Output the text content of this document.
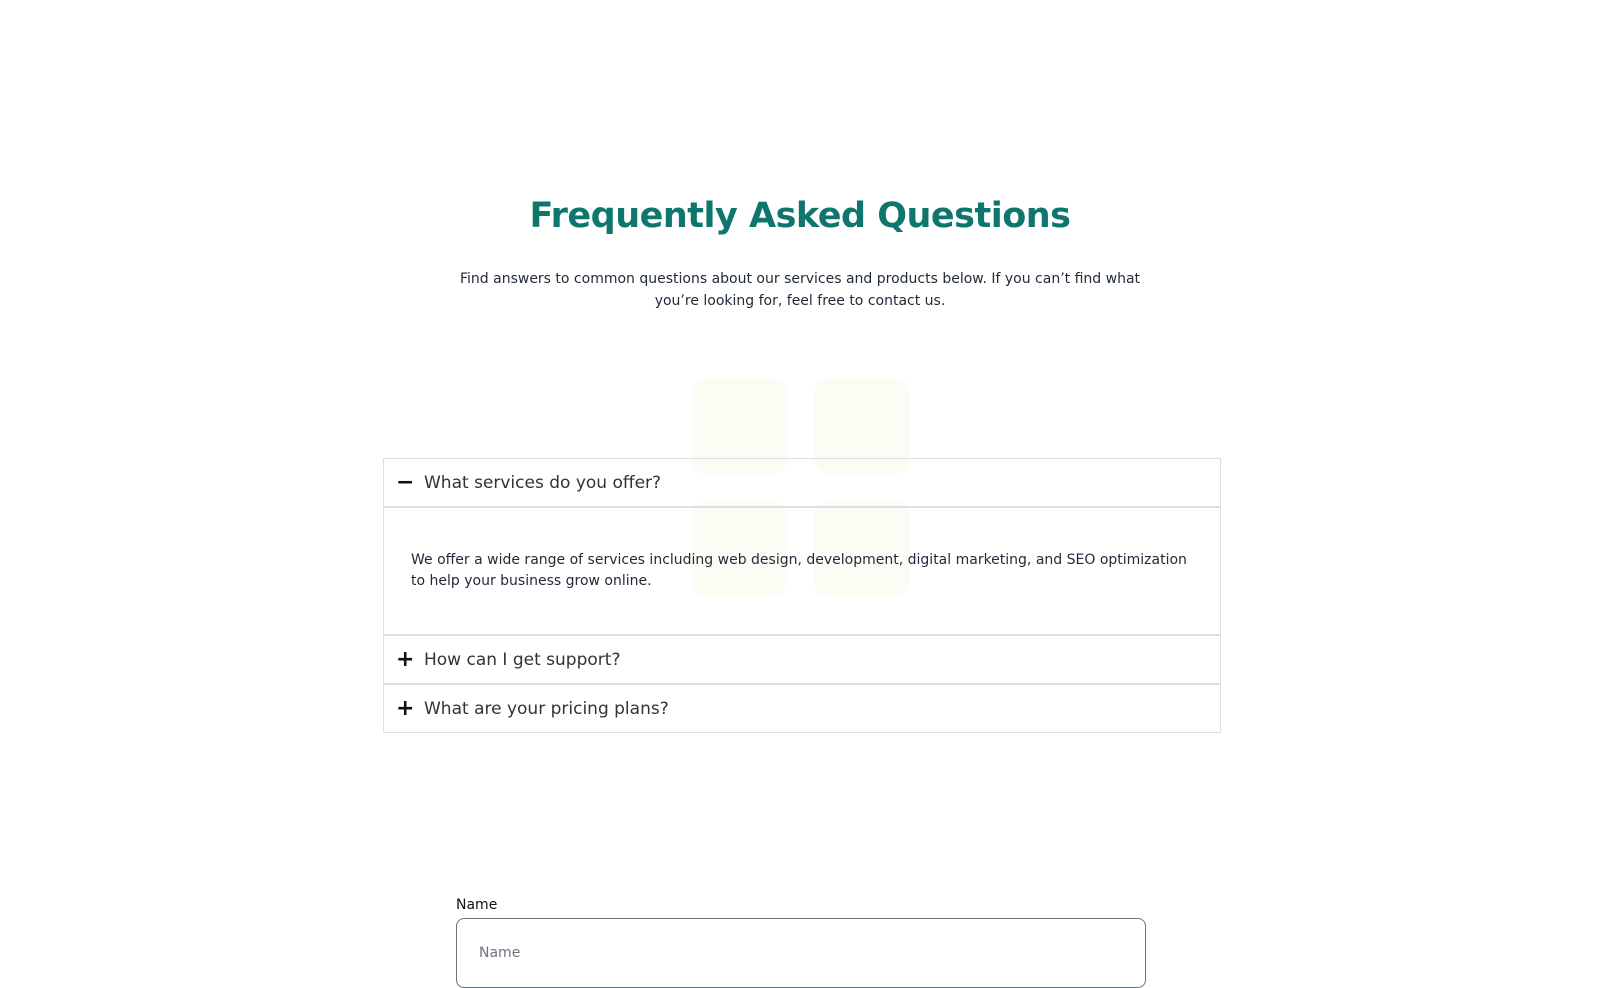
Frequently Asked Questions

Find answers to common questions about our services and products below. If you can’t find what you’re looking for, feel free to contact us.

− What services do you offer?
We offer a wide range of services including web design, development, digital marketing, and SEO optimization to help your business grow online.
+ How can I get support?
+ What are your pricing plans?
Name
Name
